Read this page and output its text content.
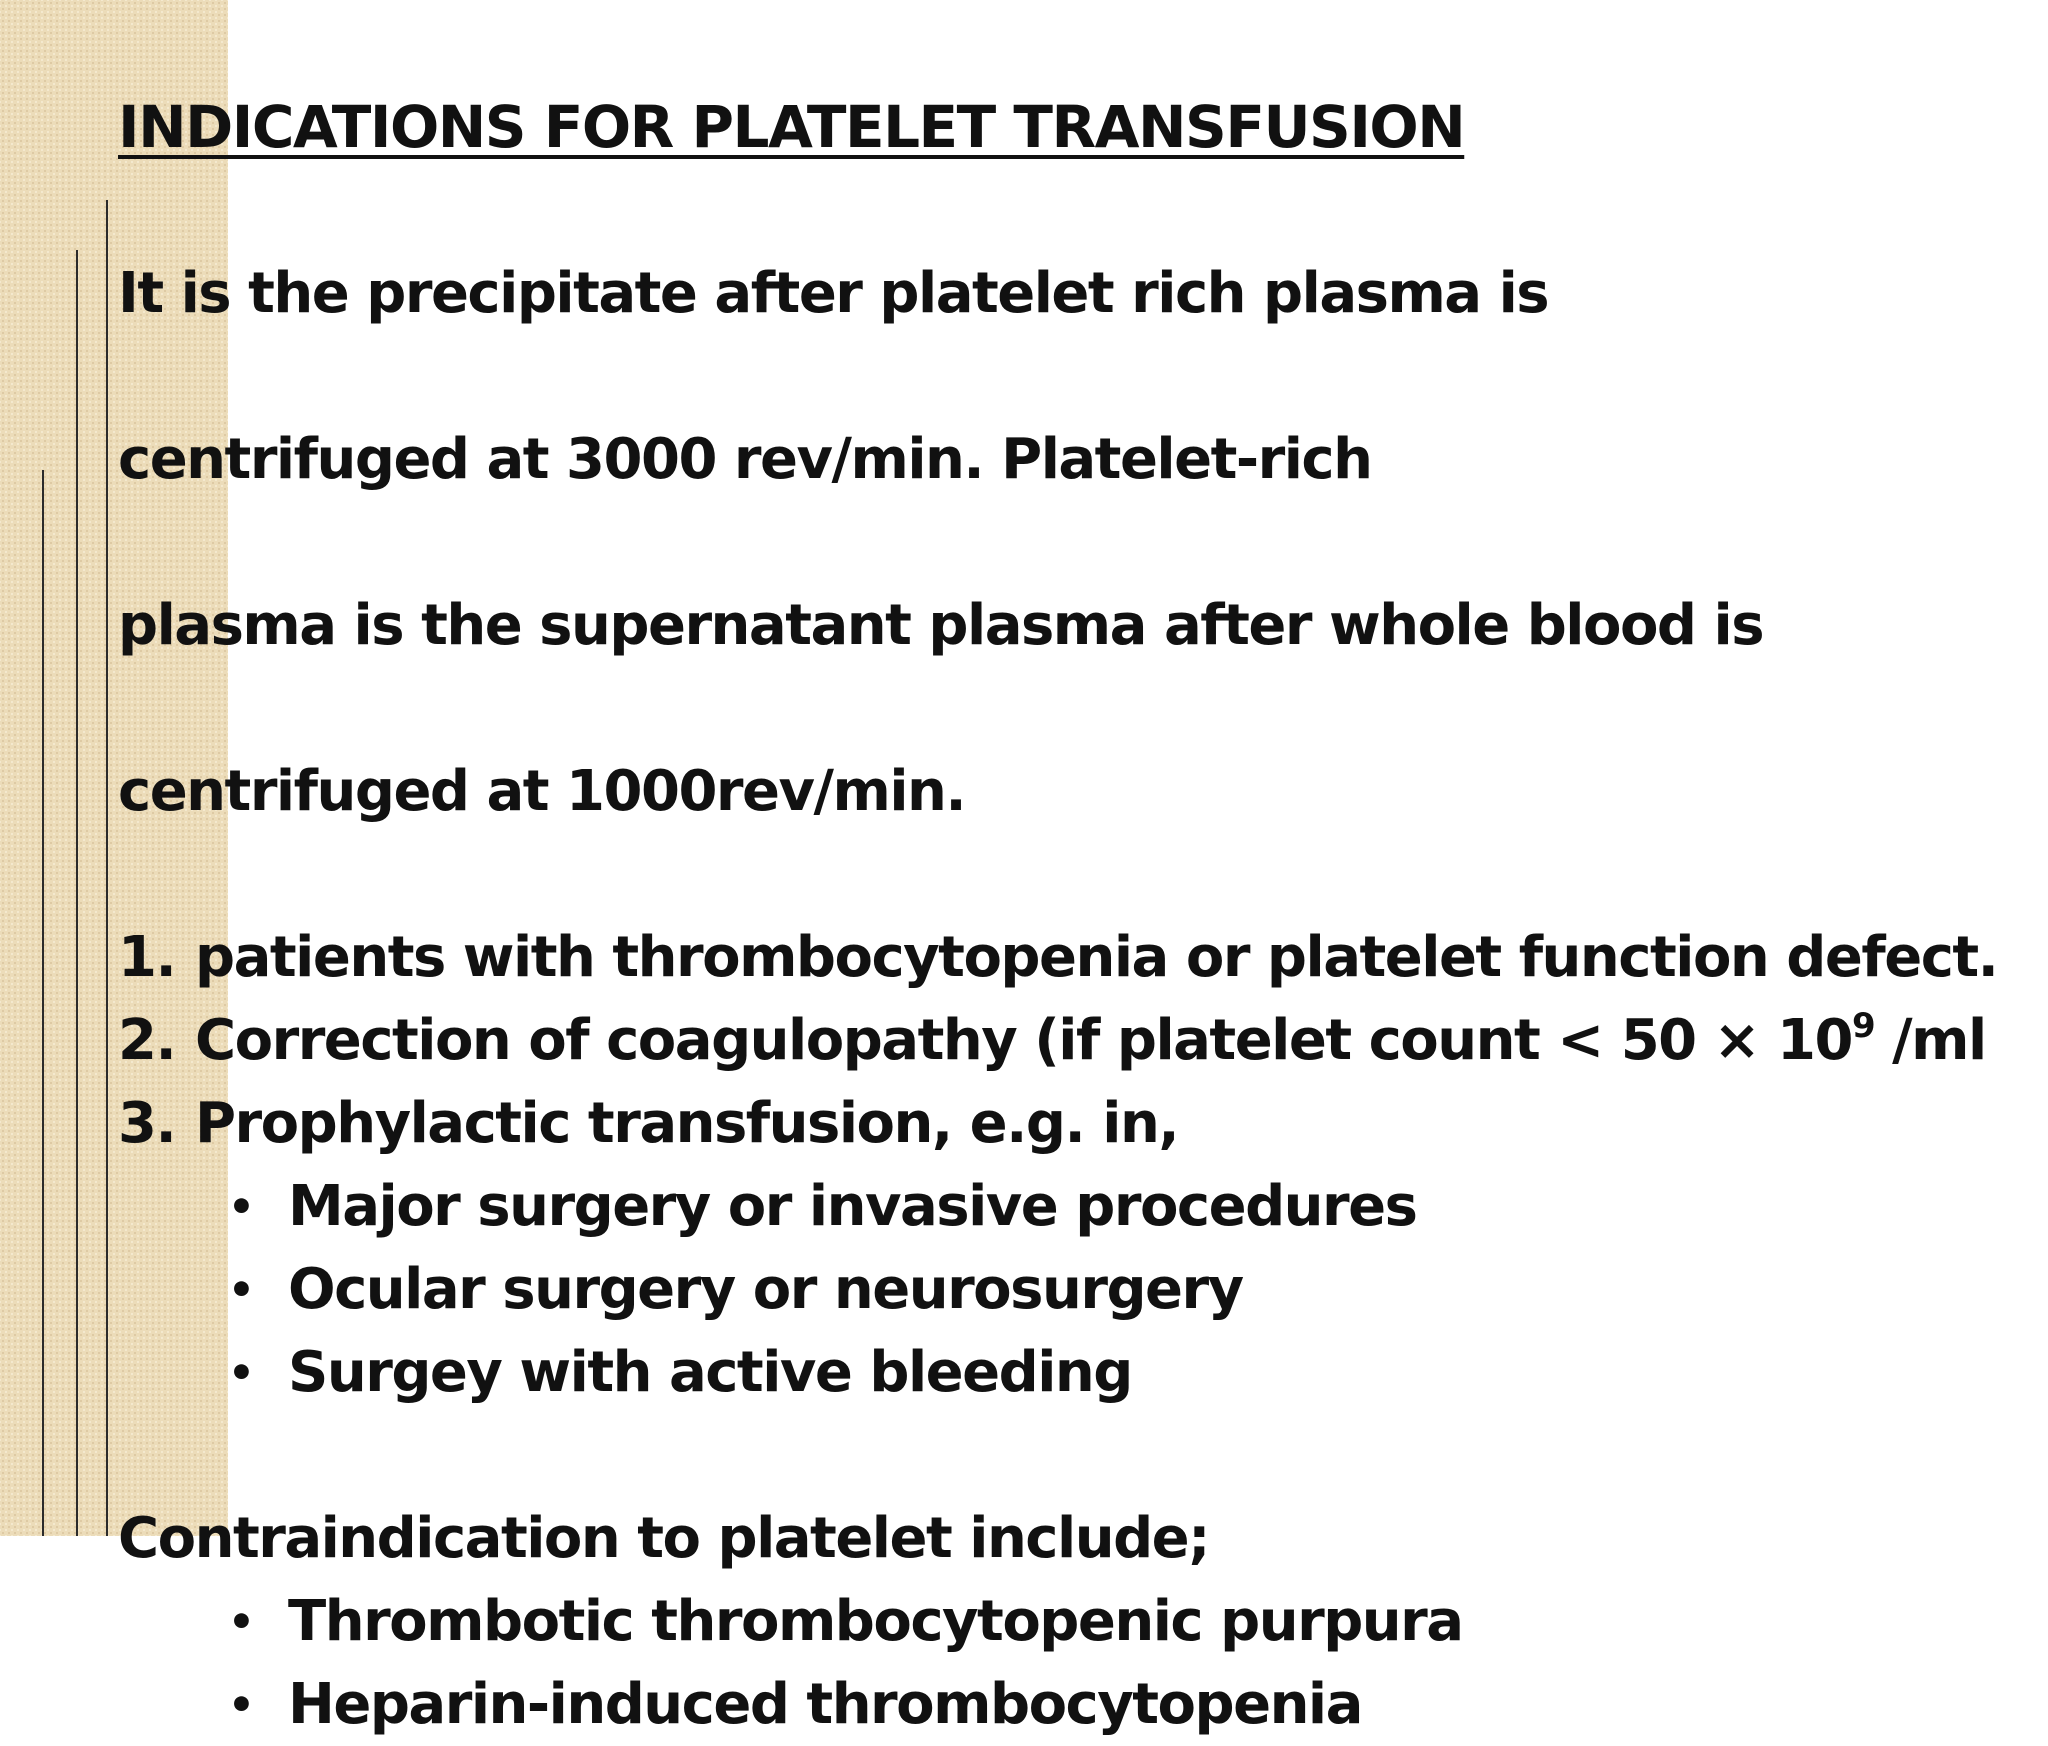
INDICATIONS FOR PLATELET TRANSFUSION

It is the precipitate after platelet rich plasma is

centrifuged at 3000 rev/min. Platelet-rich

plasma is the supernatant plasma after whole blood is

centrifuged at 1000rev/min.

1. patients with thrombocytopenia or platelet function defect.
2. Correction of coagulopathy (if platelet count < $50 \times 10^9$ /ml
3. Prophylactic transfusion, e.g. in,
• Major surgery or invasive procedures
• Ocular surgery or neurosurgery
• Surgey with active bleeding
Contraindication to platelet include;
• Thrombotic thrombocytopenic purpura
• Heparin-induced thrombocytopenia
